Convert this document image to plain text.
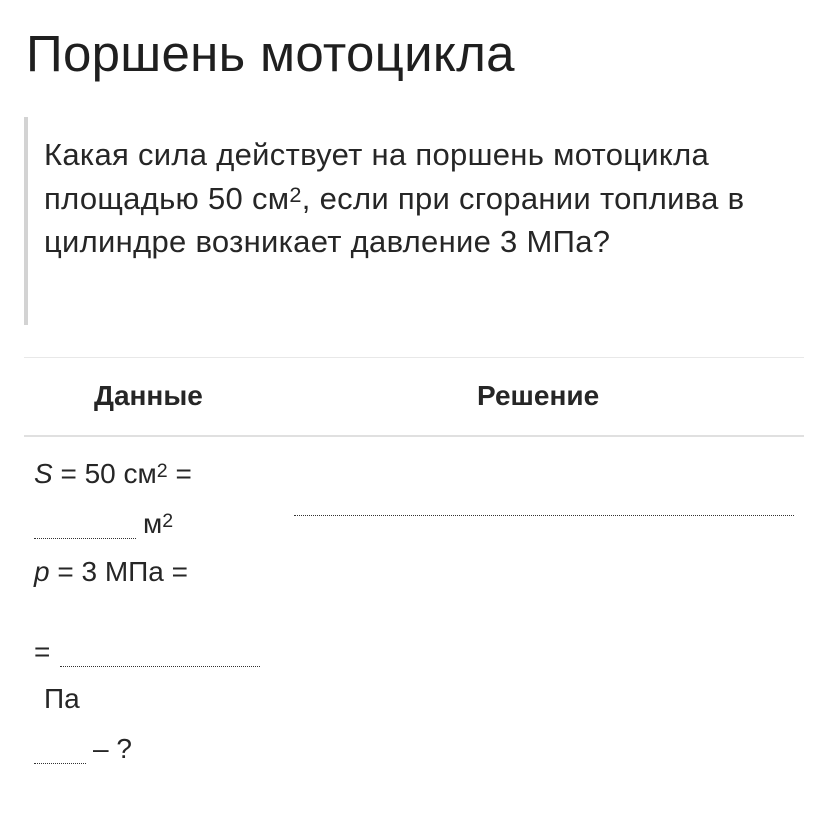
Поршень мотоцикла
Какая сила действует на поршень мотоцикла площадью 50 $см^2$, если при сгорании топлива в цилиндре возникает давление 3 МПа?
Данные	Решение
S = 50 $см^2$ =
$м^2$
p = 3 МПа =
=
Па
– ?
